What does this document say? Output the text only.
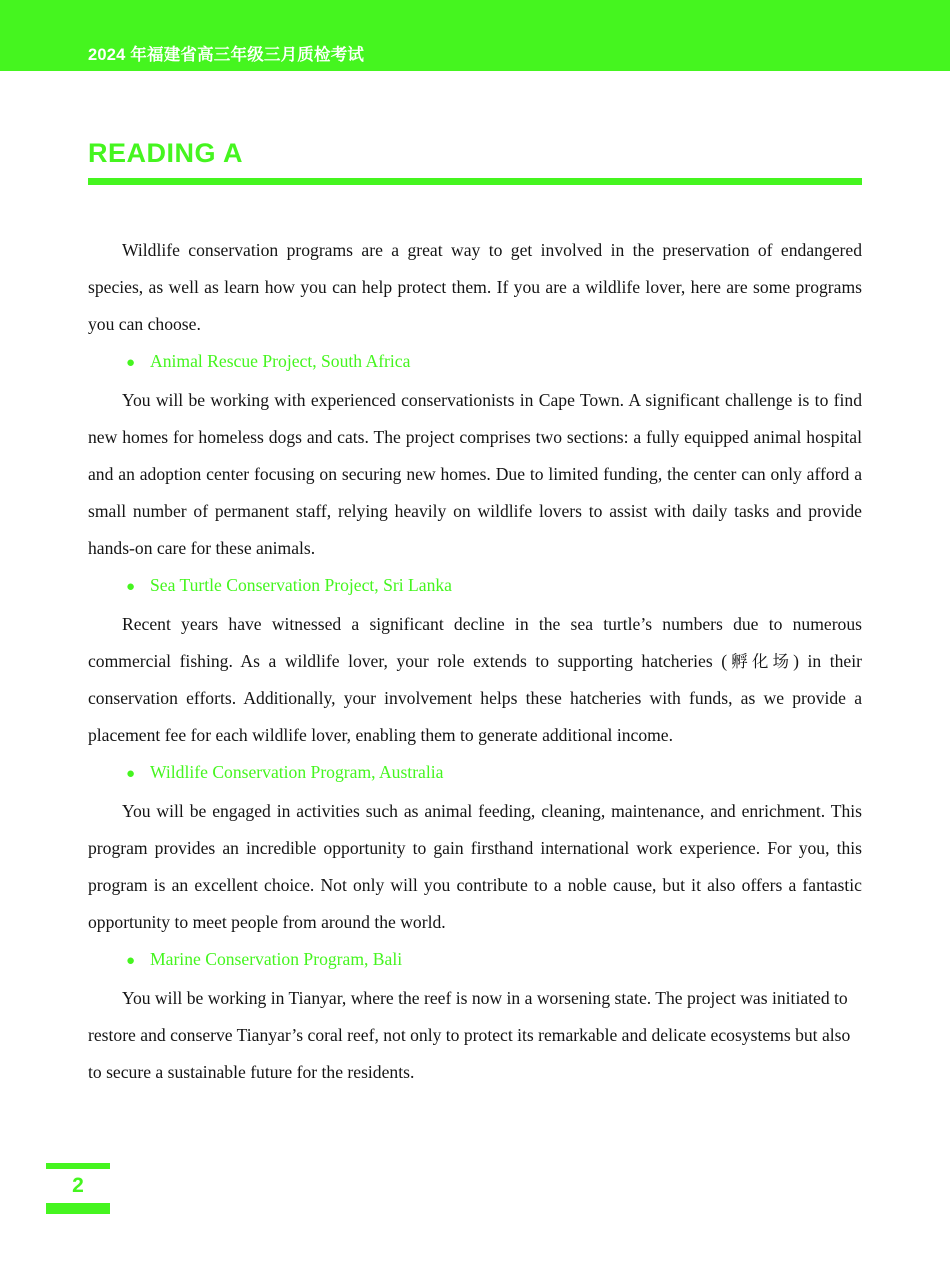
2024 年福建省高三年级三月质检考试
READING A

Wildlife conservation programs are a great way to get involved in the preservation of endangered species, as well as learn how you can help protect them. If you are a wildlife lover, here are some programs you can choose.

● Animal Rescue Project, South Africa

You will be working with experienced conservationists in Cape Town. A significant challenge is to find new homes for homeless dogs and cats. The project comprises two sections: a fully equipped animal hospital and an adoption center focusing on securing new homes. Due to limited funding, the center can only afford a small number of permanent staff, relying heavily on wildlife lovers to assist with daily tasks and provide hands-on care for these animals.

● Sea Turtle Conservation Project, Sri Lanka

Recent years have witnessed a significant decline in the sea turtle’s numbers due to numerous commercial fishing. As a wildlife lover, your role extends to supporting hatcheries (孵化场) in their conservation efforts. Additionally, your involvement helps these hatcheries with funds, as we provide a placement fee for each wildlife lover, enabling them to generate additional income.

● Wildlife Conservation Program, Australia

You will be engaged in activities such as animal feeding, cleaning, maintenance, and enrichment. This program provides an incredible opportunity to gain firsthand international work experience. For you, this program is an excellent choice. Not only will you contribute to a noble cause, but it also offers a fantastic opportunity to meet people from around the world.

● Marine Conservation Program, Bali

You will be working in Tianyar, where the reef is now in a worsening state. The project was initiated to restore and conserve Tianyar’s coral reef, not only to protect its remarkable and delicate ecosystems but also to secure a sustainable future for the residents.

2
